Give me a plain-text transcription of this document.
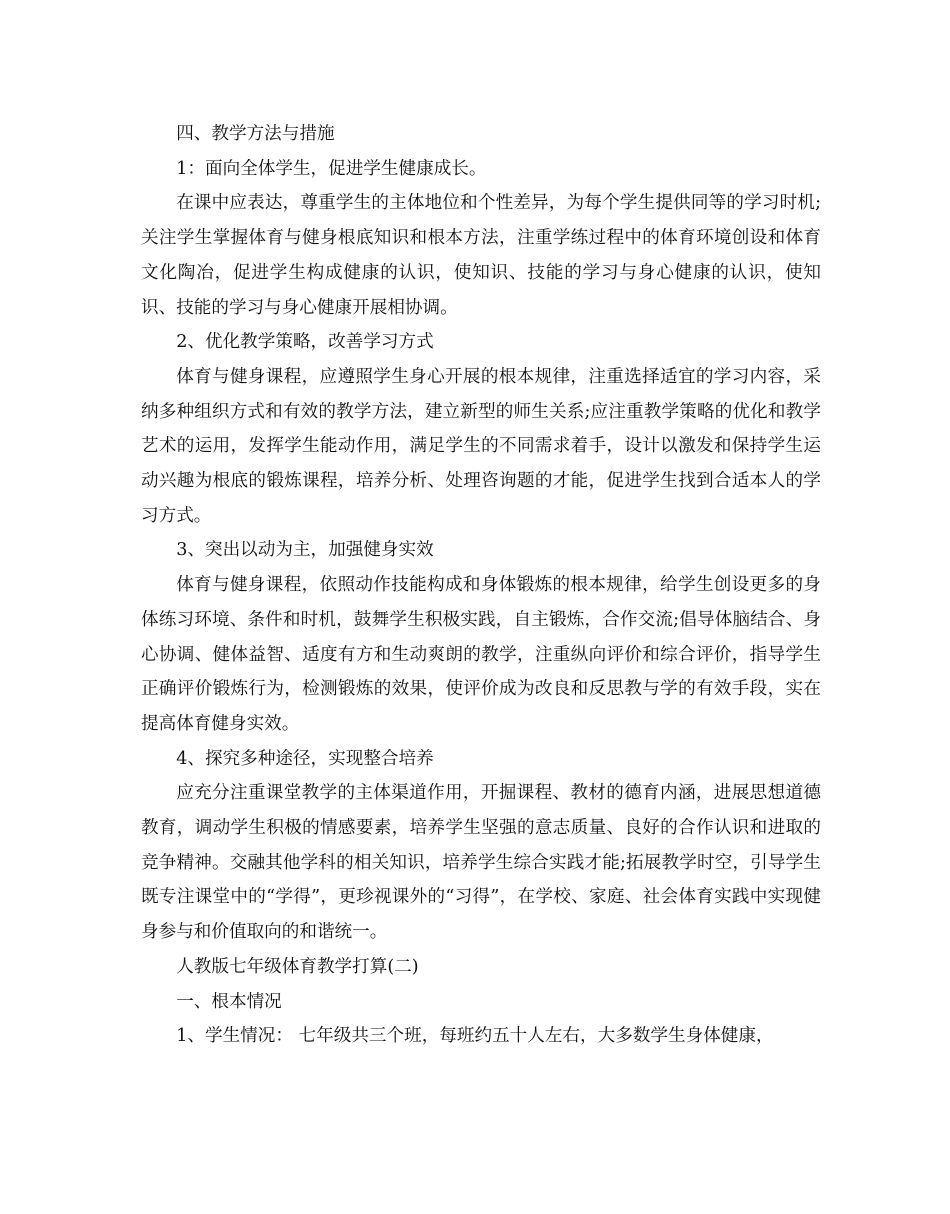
四、教学方法与措施

1：面向全体学生，促进学生健康成长。

在课中应表达，尊重学生的主体地位和个性差异，为每个学生提供同等的学习时机;关注学生掌握体育与健身根底知识和根本方法，注重学练过程中的体育环境创设和体育文化陶冶，促进学生构成健康的认识，使知识、技能的学习与身心健康的认识，使知识、技能的学习与身心健康开展相协调。

2、优化教学策略，改善学习方式

体育与健身课程，应遵照学生身心开展的根本规律，注重选择适宜的学习内容，采纳多种组织方式和有效的教学方法，建立新型的师生关系;应注重教学策略的优化和教学艺术的运用，发挥学生能动作用，满足学生的不同需求着手，设计以激发和保持学生运动兴趣为根底的锻炼课程，培养分析、处理咨询题的才能，促进学生找到合适本人的学习方式。

3、突出以动为主，加强健身实效

体育与健身课程，依照动作技能构成和身体锻炼的根本规律，给学生创设更多的身体练习环境、条件和时机，鼓舞学生积极实践，自主锻炼，合作交流;倡导体脑结合、身心协调、健体益智、适度有方和生动爽朗的教学，注重纵向评价和综合评价，指导学生正确评价锻炼行为，检测锻炼的效果，使评价成为改良和反思教与学的有效手段，实在提高体育健身实效。

4、探究多种途径，实现整合培养

应充分注重课堂教学的主体渠道作用，开掘课程、教材的德育内涵，进展思想道德教育，调动学生积极的情感要素，培养学生坚强的意志质量、良好的合作认识和进取的竞争精神。交融其他学科的相关知识，培养学生综合实践才能;拓展教学时空，引导学生既专注课堂中的“学得”，更珍视课外的“习得”，在学校、家庭、社会体育实践中实现健身参与和价值取向的和谐统一。

人教版七年级体育教学打算(二)

一、根本情况

1、学生情况： 七年级共三个班，每班约五十人左右，大多数学生身体健康，
